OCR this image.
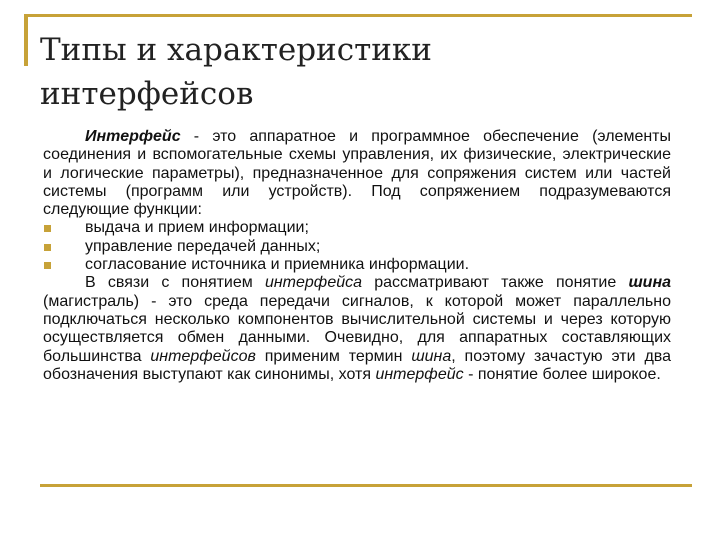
Типы и характеристики
интерфейсов

Интерфейс - это аппаратное и программное обеспечение (элементы соединения и вспомогательные схемы управления, их физические, электрические и логические параметры), предназначенное для сопряжения систем или частей системы (программ или устройств). Под сопряжением подразумеваются следующие функции:

выдача и прием информации;
управление передачей данных;
согласование источника и приемника информации.

В связи с понятием интерфейса рассматривают также понятие шина (магистраль) - это среда передачи сигналов, к которой может параллельно подключаться несколько компонентов вычислительной системы и через которую осуществляется обмен данными. Очевидно, для аппаратных составляющих большинства интерфейсов применим термин шина, поэтому зачастую эти два обозначения выступают как синонимы, хотя интерфейс - понятие более широкое.
